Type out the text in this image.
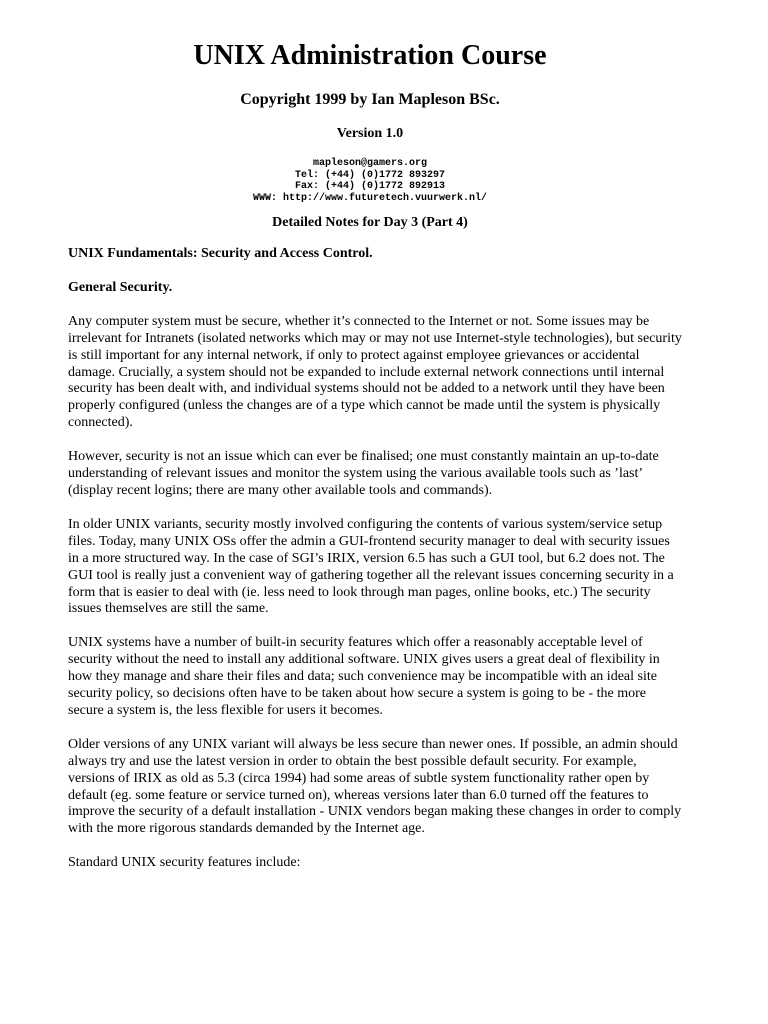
UNIX Administration Course
Copyright 1999 by Ian Mapleson BSc.
Version 1.0
mapleson@gamers.org
Tel: (+44) (0)1772 893297
Fax: (+44) (0)1772 892913
WWW: http://www.futuretech.vuurwerk.nl/
Detailed Notes for Day 3 (Part 4)
UNIX Fundamentals: Security and Access Control.
General Security.

Any computer system must be secure, whether it’s connected to the Internet or not. Some issues may be irrelevant for Intranets (isolated networks which may or may not use Internet-style technologies), but security is still important for any internal network, if only to protect against employee grievances or accidental damage. Crucially, a system should not be expanded to include external network connections until internal security has been dealt with, and individual systems should not be added to a network until they have been properly configured (unless the changes are of a type which cannot be made until the system is physically connected).

However, security is not an issue which can ever be finalised; one must constantly maintain an up-to-date understanding of relevant issues and monitor the system using the various available tools such as ’last’ (display recent logins; there are many other available tools and commands).

In older UNIX variants, security mostly involved configuring the contents of various system/service setup files. Today, many UNIX OSs offer the admin a GUI-frontend security manager to deal with security issues in a more structured way. In the case of SGI’s IRIX, version 6.5 has such a GUI tool, but 6.2 does not. The GUI tool is really just a convenient way of gathering together all the relevant issues concerning security in a form that is easier to deal with (ie. less need to look through man pages, online books, etc.) The security issues themselves are still the same.

UNIX systems have a number of built-in security features which offer a reasonably acceptable level of security without the need to install any additional software. UNIX gives users a great deal of flexibility in how they manage and share their files and data; such convenience may be incompatible with an ideal site security policy, so decisions often have to be taken about how secure a system is going to be - the more secure a system is, the less flexible for users it becomes.

Older versions of any UNIX variant will always be less secure than newer ones. If possible, an admin should always try and use the latest version in order to obtain the best possible default security. For example, versions of IRIX as old as 5.3 (circa 1994) had some areas of subtle system functionality rather open by default (eg. some feature or service turned on), whereas versions later than 6.0 turned off the features to improve the security of a default installation - UNIX vendors began making these changes in order to comply with the more rigorous standards demanded by the Internet age.

Standard UNIX security features include:
